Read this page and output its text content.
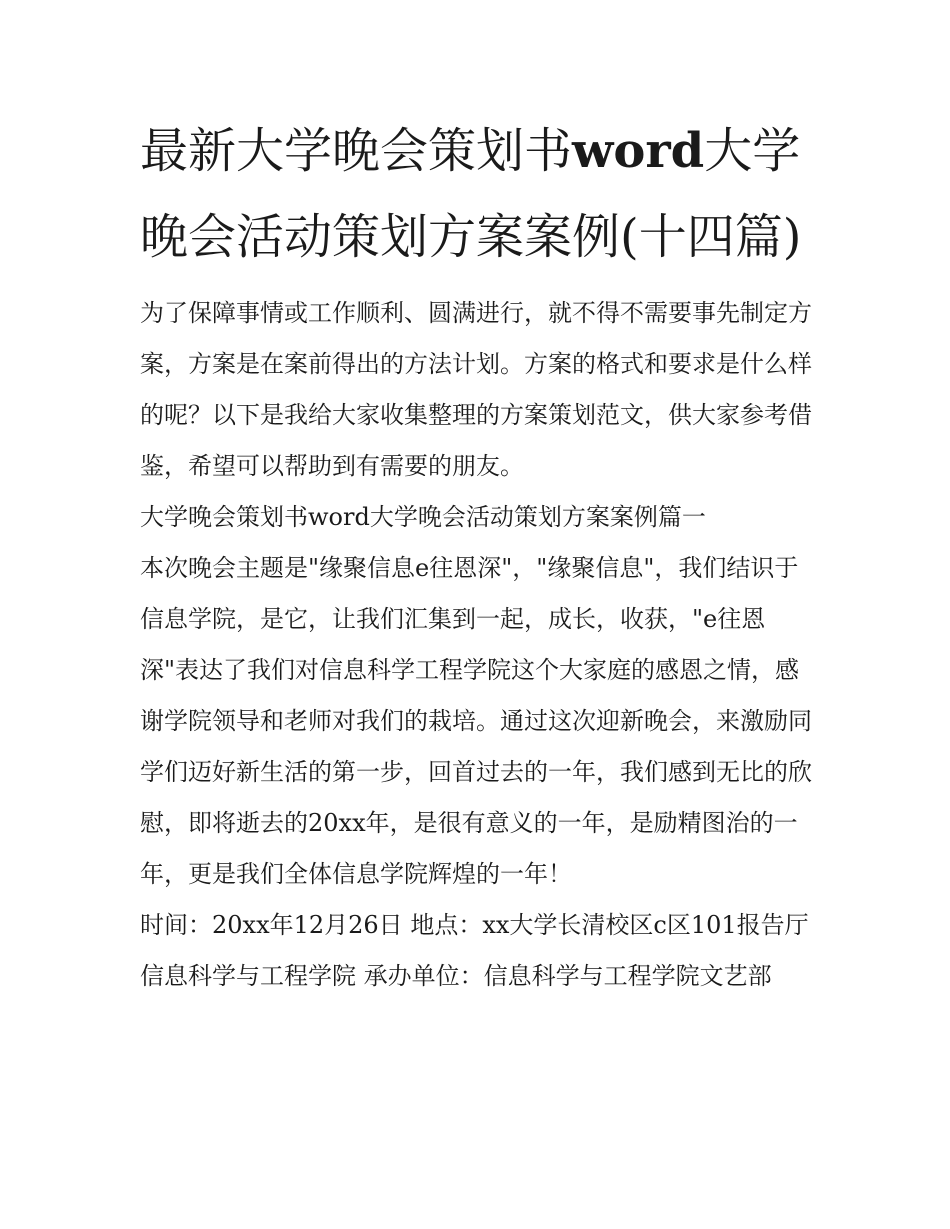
最新大学晚会策划书word大学晚会活动策划方案案例(十四篇)

为了保障事情或工作顺利、圆满进行，就不得不需要事先制定方案，方案是在案前得出的方法计划。方案的格式和要求是什么样的呢？以下是我给大家收集整理的方案策划范文，供大家参考借鉴，希望可以帮助到有需要的朋友。

大学晚会策划书word大学晚会活动策划方案案例篇一

本次晚会主题是"缘聚信息e往恩深"，"缘聚信息"，我们结识于信息学院，是它，让我们汇集到一起，成长，收获，"e往恩深"表达了我们对信息科学工程学院这个大家庭的感恩之情，感谢学院领导和老师对我们的栽培。通过这次迎新晚会，来激励同学们迈好新生活的第一步，回首过去的一年，我们感到无比的欣慰，即将逝去的20xx年，是很有意义的一年，是励精图治的一年，更是我们全体信息学院辉煌的一年！

时间：20xx年12月26日 地点：xx大学长清校区c区101报告厅 信息科学与工程学院 承办单位：信息科学与工程学院文艺部
